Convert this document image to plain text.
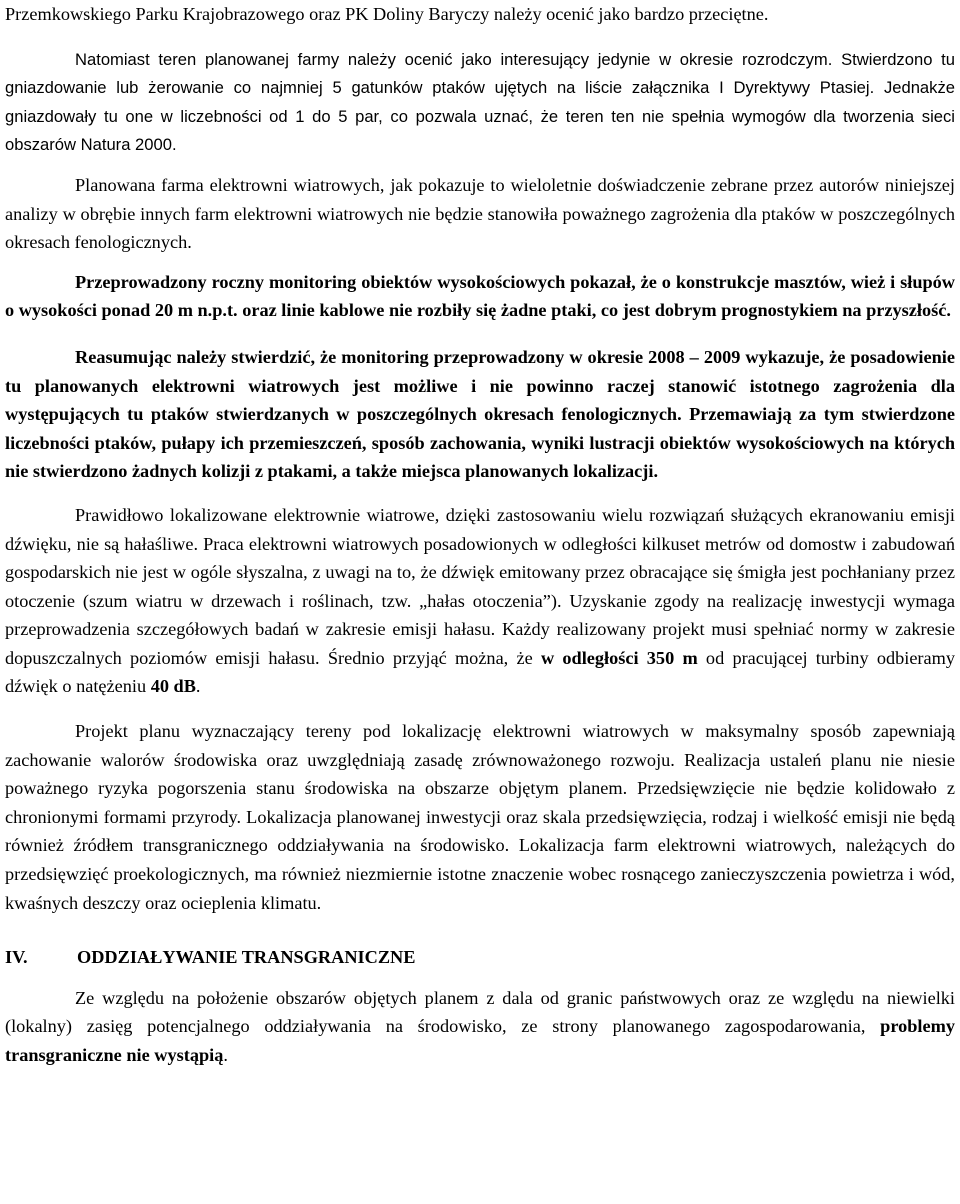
Przemkowskiego Parku Krajobrazowego oraz PK Doliny Baryczy należy ocenić jako bardzo przeciętne.

Natomiast teren planowanej farmy należy ocenić jako interesujący jedynie w okresie rozrodczym. Stwierdzono tu gniazdowanie lub żerowanie co najmniej 5 gatunków ptaków ujętych na liście załącznika I Dyrektywy Ptasiej. Jednakże gniazdowały tu one w liczebności od 1 do 5 par, co pozwala uznać, że teren ten nie spełnia wymogów dla tworzenia sieci obszarów Natura 2000.

Planowana farma elektrowni wiatrowych, jak pokazuje to wieloletnie doświadczenie zebrane przez autorów niniejszej analizy w obrębie innych farm elektrowni wiatrowych nie będzie stanowiła poważnego zagrożenia dla ptaków w poszczególnych okresach fenologicznych.

Przeprowadzony roczny monitoring obiektów wysokościowych pokazał, że o konstrukcje masztów, wież i słupów o wysokości ponad 20 m n.p.t. oraz linie kablowe nie rozbiły się żadne ptaki, co jest dobrym prognostykiem na przyszłość.

Reasumując należy stwierdzić, że monitoring przeprowadzony w okresie 2008 – 2009 wykazuje, że posadowienie tu planowanych elektrowni wiatrowych jest możliwe i nie powinno raczej stanowić istotnego zagrożenia dla występujących tu ptaków stwierdzanych w poszczególnych okresach fenologicznych. Przemawiają za tym stwierdzone liczebności ptaków, pułapy ich przemieszczeń, sposób zachowania, wyniki lustracji obiektów wysokościowych na których nie stwierdzono żadnych kolizji z ptakami, a także miejsca planowanych lokalizacji.

Prawidłowo lokalizowane elektrownie wiatrowe, dzięki zastosowaniu wielu rozwiązań służących ekranowaniu emisji dźwięku, nie są hałaśliwe. Praca elektrowni wiatrowych posadowionych w odległości kilkuset metrów od domostw i zabudowań gospodarskich nie jest w ogóle słyszalna, z uwagi na to, że dźwięk emitowany przez obracające się śmigła jest pochłaniany przez otoczenie (szum wiatru w drzewach i roślinach, tzw. „hałas otoczenia”). Uzyskanie zgody na realizację inwestycji wymaga przeprowadzenia szczegółowych badań w zakresie emisji hałasu. Każdy realizowany projekt musi spełniać normy w zakresie dopuszczalnych poziomów emisji hałasu. Średnio przyjąć można, że w odległości 350 m od pracującej turbiny odbieramy dźwięk o natężeniu 40 dB.

Projekt planu wyznaczający tereny pod lokalizację elektrowni wiatrowych w maksymalny sposób zapewniają zachowanie walorów środowiska oraz uwzględniają zasadę zrównoważonego rozwoju. Realizacja ustaleń planu nie niesie poważnego ryzyka pogorszenia stanu środowiska na obszarze objętym planem. Przedsięwzięcie nie będzie kolidowało z chronionymi formami przyrody. Lokalizacja planowanej inwestycji oraz skala przedsięwzięcia, rodzaj i wielkość emisji nie będą również źródłem transgranicznego oddziaływania na środowisko. Lokalizacja farm elektrowni wiatrowych, należących do przedsięwzięć proekologicznych, ma również niezmiernie istotne znaczenie wobec rosnącego zanieczyszczenia powietrza i wód, kwaśnych deszczy oraz ocieplenia klimatu.

IV.	ODDZIAŁYWANIE TRANSGRANICZNE

Ze względu na położenie obszarów objętych planem z dala od granic państwowych oraz ze względu na niewielki (lokalny) zasięg potencjalnego oddziaływania na środowisko, ze strony planowanego zagospodarowania, problemy transgraniczne nie wystąpią.
